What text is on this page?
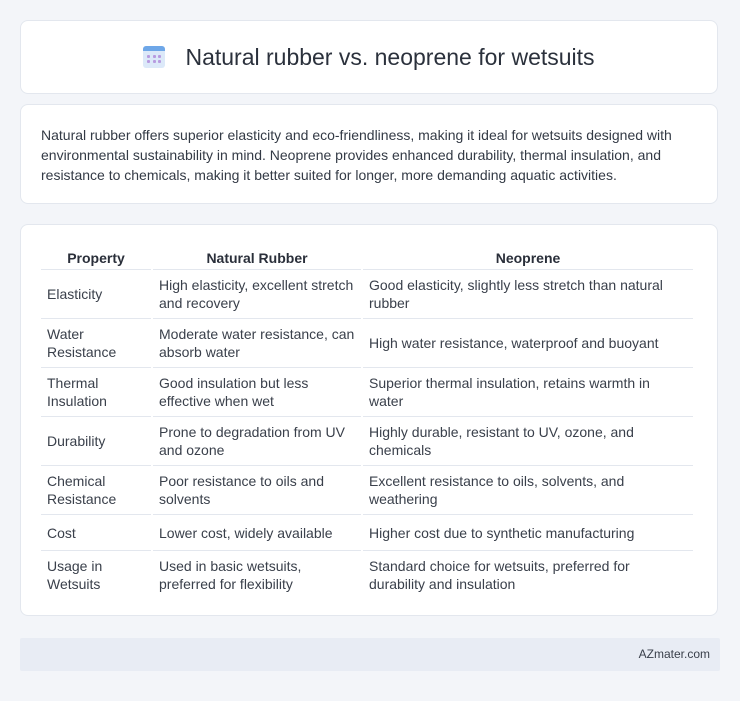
Natural rubber vs. neoprene for wetsuits

Natural rubber offers superior elasticity and eco-friendliness, making it ideal for wetsuits designed with environmental sustainability in mind. Neoprene provides enhanced durability, thermal insulation, and resistance to chemicals, making it better suited for longer, more demanding aquatic activities.

Property	Natural Rubber	Neoprene
Elasticity	High elasticity, excellent stretch and recovery	Good elasticity, slightly less stretch than natural rubber
Water Resistance	Moderate water resistance, can absorb water	High water resistance, waterproof and buoyant
Thermal Insulation	Good insulation but less effective when wet	Superior thermal insulation, retains warmth in water
Durability	Prone to degradation from UV and ozone	Highly durable, resistant to UV, ozone, and chemicals
Chemical Resistance	Poor resistance to oils and solvents	Excellent resistance to oils, solvents, and weathering
Cost	Lower cost, widely available	Higher cost due to synthetic manufacturing
Usage in Wetsuits	Used in basic wetsuits, preferred for flexibility	Standard choice for wetsuits, preferred for durability and insulation
AZmater.com
